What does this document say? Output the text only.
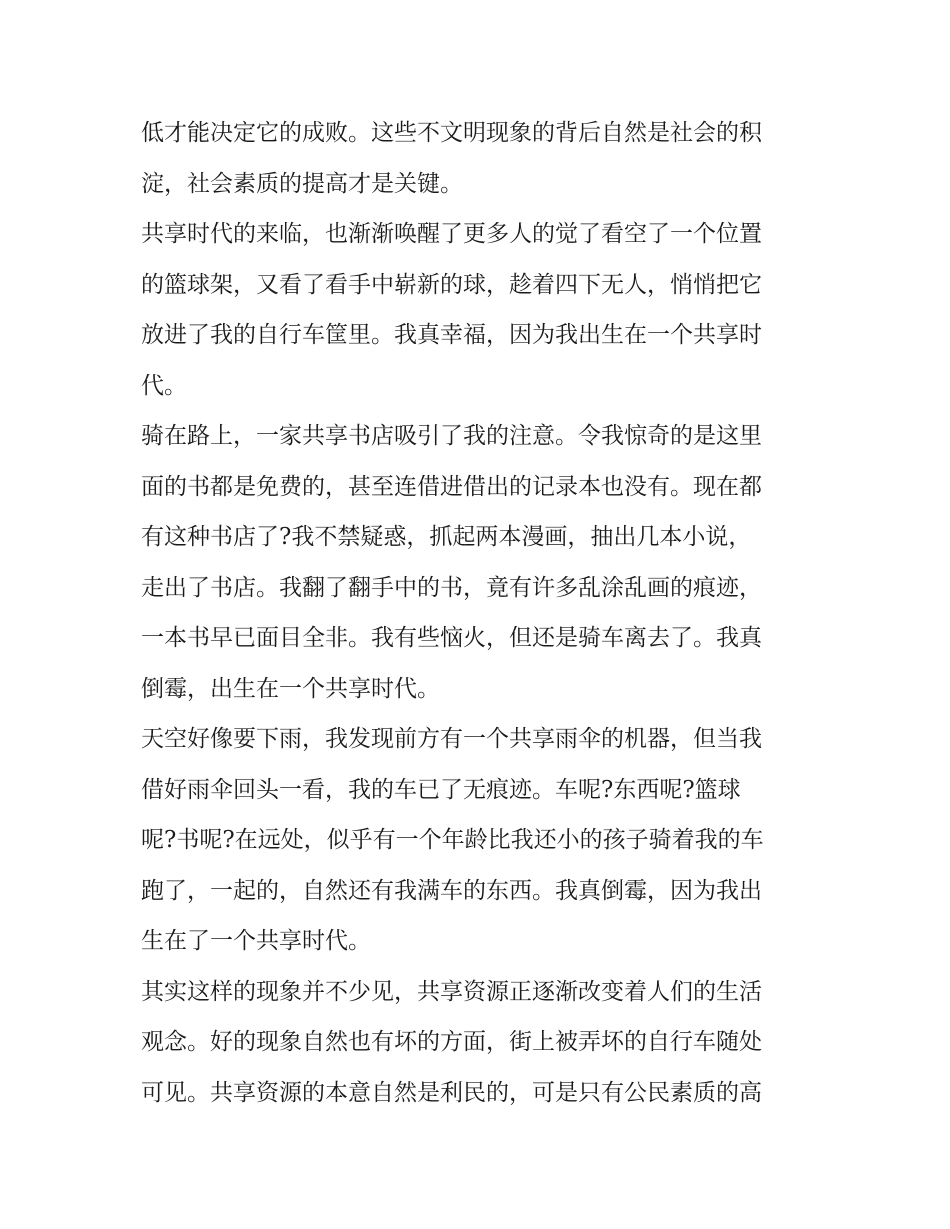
低才能决定它的成败。这些不文明现象的背后自然是社会的积
淀，社会素质的提高才是关键。
共享时代的来临，也渐渐唤醒了更多人的觉了看空了一个位置
的篮球架，又看了看手中崭新的球，趁着四下无人，悄悄把它
放进了我的自行车筐里。我真幸福，因为我出生在一个共享时
代。
骑在路上，一家共享书店吸引了我的注意。令我惊奇的是这里
面的书都是免费的，甚至连借进借出的记录本也没有。现在都
有这种书店了?我不禁疑惑，抓起两本漫画，抽出几本小说，
走出了书店。我翻了翻手中的书，竟有许多乱涂乱画的痕迹，
一本书早已面目全非。我有些恼火，但还是骑车离去了。我真
倒霉，出生在一个共享时代。
天空好像要下雨，我发现前方有一个共享雨伞的机器，但当我
借好雨伞回头一看，我的车已了无痕迹。车呢?东西呢?篮球
呢?书呢?在远处，似乎有一个年龄比我还小的孩子骑着我的车
跑了，一起的，自然还有我满车的东西。我真倒霉，因为我出
生在了一个共享时代。
其实这样的现象并不少见，共享资源正逐渐改变着人们的生活
观念。好的现象自然也有坏的方面，街上被弄坏的自行车随处
可见。共享资源的本意自然是利民的，可是只有公民素质的高
